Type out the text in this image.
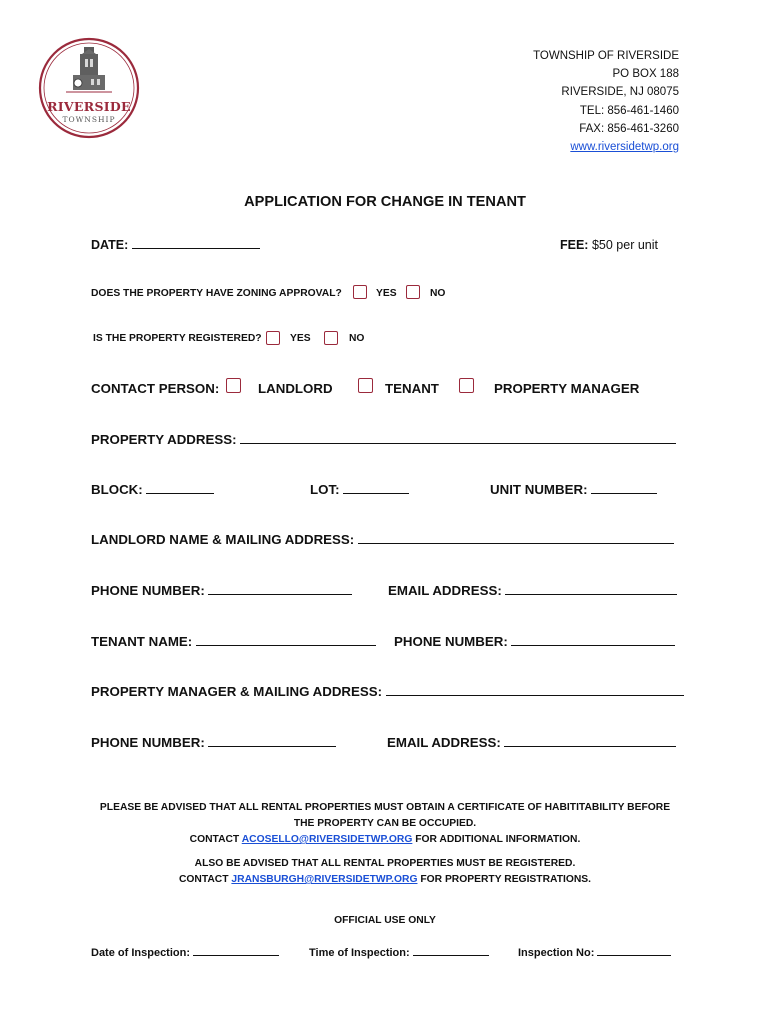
RIVERSIDE
TOWNSHIP
TOWNSHIP OF RIVERSIDE
PO BOX 188
RIVERSIDE, NJ 08075
TEL: 856-461-1460
FAX: 856-461-3260
www.riversidetwp.org
APPLICATION FOR CHANGE IN TENANT
DATE:	FEE: $50 per unit
DOES THE PROPERTY HAVE ZONING APPROVAL?	YES	NO
IS THE PROPERTY REGISTERED?	YES	NO
CONTACT PERSON:	LANDLORD	TENANT	PROPERTY MANAGER
PROPERTY ADDRESS:
BLOCK:	LOT:	UNIT NUMBER:
LANDLORD NAME & MAILING ADDRESS:
PHONE NUMBER:	EMAIL ADDRESS:
TENANT NAME:	PHONE NUMBER:
PROPERTY MANAGER & MAILING ADDRESS:
PHONE NUMBER:	EMAIL ADDRESS:
PLEASE BE ADVISED THAT ALL RENTAL PROPERTIES MUST OBTAIN A CERTIFICATE OF HABITITABILITY BEFORE
THE PROPERTY CAN BE OCCUPIED.
CONTACT ACOSELLO@RIVERSIDETWP.ORG FOR ADDITIONAL INFORMATION.
ALSO BE ADVISED THAT ALL RENTAL PROPERTIES MUST BE REGISTERED.
CONTACT JRANSBURGH@RIVERSIDETWP.ORG FOR PROPERTY REGISTRATIONS.
OFFICIAL USE ONLY
Date of Inspection:	Time of Inspection:	Inspection No:
